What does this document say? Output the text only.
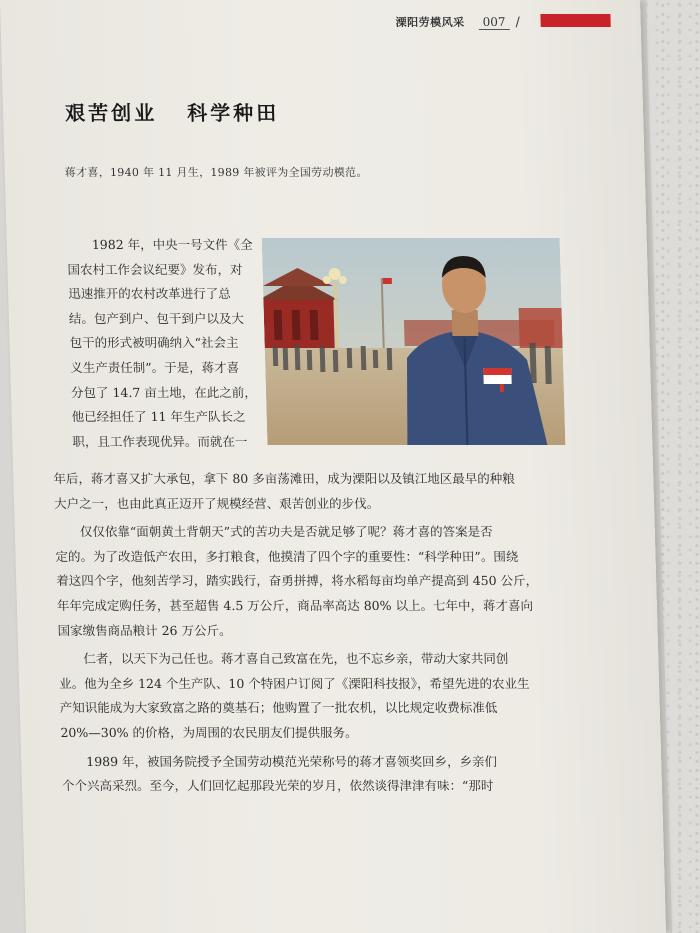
溧阳劳模风采	007 /
艰苦创业 科学种田
蒋才喜，1940 年 11 月生，1989 年被评为全国劳动模范。
1982 年，中央一号文件《全
国农村工作会议纪要》发布，对
迅速推开的农村改革进行了总
结。包产到户、包干到户以及大
包干的形式被明确纳入“社会主
义生产责任制”。于是，蒋才喜
分包了 14.7 亩土地，在此之前，
他已经担任了 11 年生产队长之
职，且工作表现优异。而就在一

年后，蒋才喜又扩大承包，拿下 80 多亩荡滩田，成为溧阳以及镇江地区最早的种粮
大户之一，也由此真正迈开了规模经营、艰苦创业的步伐。

仅仅依靠“面朝黄土背朝天”式的苦功夫是否就足够了呢？蒋才喜的答案是否
定的。为了改造低产农田，多打粮食，他摸清了四个字的重要性：“科学种田”。围绕
着这四个字，他刻苦学习，踏实践行，奋勇拼搏，将水稻每亩均单产提高到 450 公斤，
年年完成定购任务，甚至超售 4.5 万公斤，商品率高达 80% 以上。七年中，蒋才喜向
国家缴售商品粮计 26 万公斤。

仁者，以天下为己任也。蒋才喜自己致富在先，也不忘乡亲，带动大家共同创
业。他为全乡 124 个生产队、10 个特困户订阅了《溧阳科技报》，希望先进的农业生
产知识能成为大家致富之路的奠基石；他购置了一批农机，以比规定收费标准低
20%—30% 的价格，为周围的农民朋友们提供服务。

1989 年，被国务院授予全国劳动模范光荣称号的蒋才喜领奖回乡，乡亲们
个个兴高采烈。至今，人们回忆起那段光荣的岁月，依然谈得津津有味：“那时
